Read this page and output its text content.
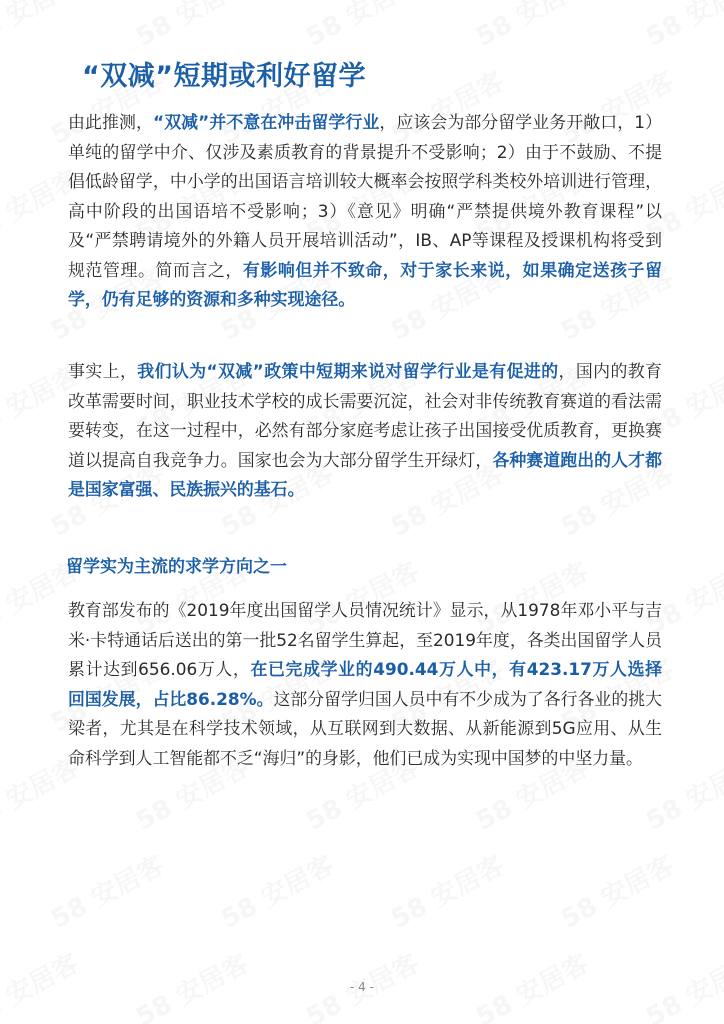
“双减”短期或利好留学

由此推测，“双减”并不意在冲击留学行业，应该会为部分留学业务开敞口，1）单纯的留学中介、仅涉及素质教育的背景提升不受影响；2）由于不鼓励、不提倡低龄留学，中小学的出国语言培训较大概率会按照学科类校外培训进行管理，高中阶段的出国语培不受影响；3）《意见》明确“严禁提供境外教育课程”以及“严禁聘请境外的外籍人员开展培训活动”，IB、AP等课程及授课机构将受到规范管理。简而言之，有影响但并不致命，对于家长来说，如果确定送孩子留学，仍有足够的资源和多种实现途径。

事实上，我们认为“双减”政策中短期来说对留学行业是有促进的，国内的教育改革需要时间，职业技术学校的成长需要沉淀，社会对非传统教育赛道的看法需要转变，在这一过程中，必然有部分家庭考虑让孩子出国接受优质教育，更换赛道以提高自我竞争力。国家也会为大部分留学生开绿灯，各种赛道跑出的人才都是国家富强、民族振兴的基石。

留学实为主流的求学方向之一

教育部发布的《2019年度出国留学人员情况统计》显示，从1978年邓小平与吉米·卡特通话后送出的第一批52名留学生算起，至2019年度，各类出国留学人员累计达到656.06万人，在已完成学业的490.44万人中，有423.17万人选择回国发展，占比86.28%。这部分留学归国人员中有不少成为了各行各业的挑大梁者，尤其是在科学技术领域，从互联网到大数据、从新能源到5G应用、从生命科学到人工智能都不乏“海归”的身影，他们已成为实现中国梦的中坚力量。

- 4 -
